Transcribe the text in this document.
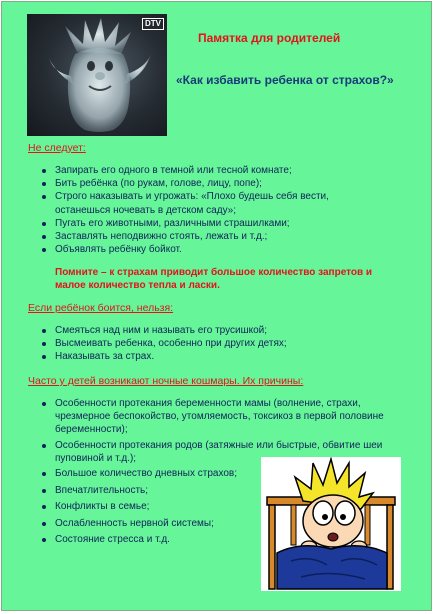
DTV
Памятка для родителей
«Как избавить ребенка от страхов?»
Не следует:
Запирать его одного в темной или тесной комнате;
Бить ребёнка (по рукам, голове, лицу, попе);
Строго наказывать и угрожать: «Плохо будешь себя вести, останешься ночевать в детском саду»;
Пугать его животными, различными страшилками;
Заставлять неподвижно стоять, лежать и т.д.;
Объявлять ребёнку бойкот.
Помните – к страхам приводит большое количество запретов и малое количество тепла и ласки.
Если ребёнок боится, нельзя:
Смеяться над ним и называть его трусишкой;
Высмеивать ребенка, особенно при других детях;
Наказывать за страх.
Часто у детей возникают ночные кошмары. Их причины:
Особенности протекания беременности мамы (волнение, страхи, чрезмерное беспокойство, утомляемость, токсикоз в первой половине беременности);
Особенности протекания родов (затяжные или быстрые, обвитие шеи пуповиной и т.д.);
Большое количество дневных страхов;
Впечатлительность;
Конфликты в семье;
Ослабленность нервной системы;
Состояние стресса и т.д.
